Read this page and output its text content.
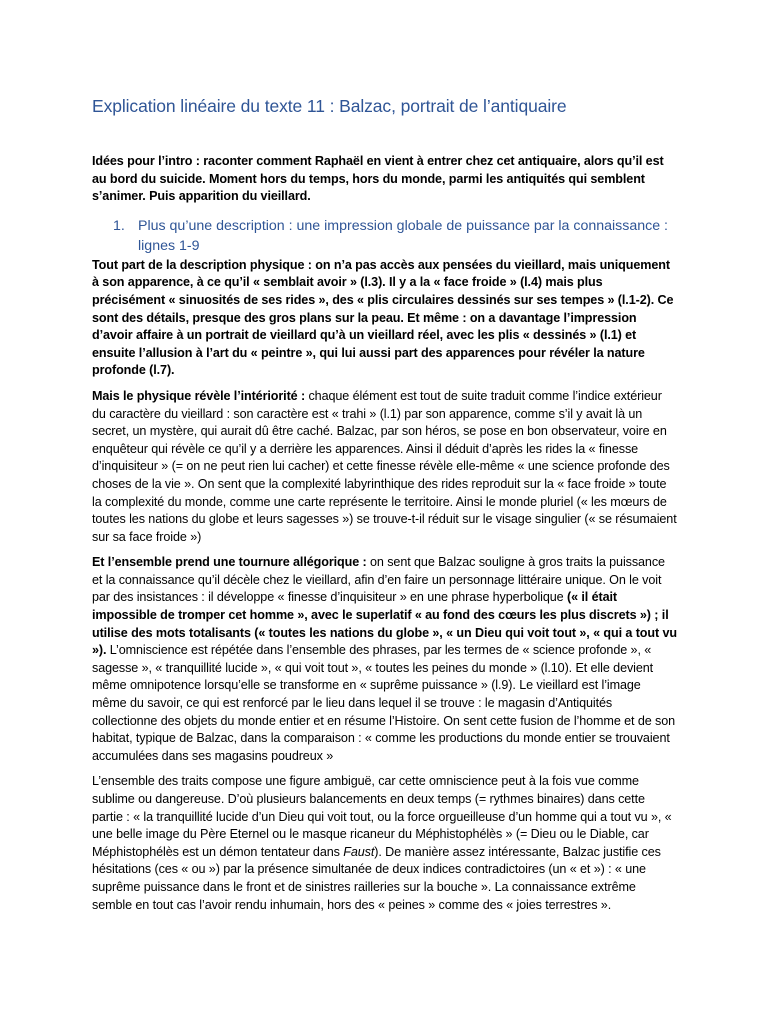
Explication linéaire du texte 11 : Balzac, portrait de l’antiquaire

Idées pour l’intro : raconter comment Raphaël en vient à entrer chez cet antiquaire, alors qu’il est au bord du suicide. Moment hors du temps, hors du monde, parmi les antiquités qui semblent s’animer. Puis apparition du vieillard.

1. Plus qu’une description : une impression globale de puissance par la connaissance : lignes 1-9

Tout part de la description physique : on n’a pas accès aux pensées du vieillard, mais uniquement à son apparence, à ce qu’il « semblait avoir » (l.3). Il y a la « face froide » (l.4) mais plus précisément « sinuosités de ses rides », des « plis circulaires dessinés sur ses tempes » (l.1-2). Ce sont des détails, presque des gros plans sur la peau. Et même : on a davantage l’impression d’avoir affaire à un portrait de vieillard qu’à un vieillard réel, avec les plis « dessinés » (l.1) et ensuite l’allusion à l’art du « peintre », qui lui aussi part des apparences pour révéler la nature profonde (l.7).

Mais le physique révèle l’intériorité : chaque élément est tout de suite traduit comme l’indice extérieur du caractère du vieillard : son caractère est « trahi » (l.1) par son apparence, comme s’il y avait là un secret, un mystère, qui aurait dû être caché. Balzac, par son héros, se pose en bon observateur, voire en enquêteur qui révèle ce qu’il y a derrière les apparences. Ainsi il déduit d’après les rides la « finesse d’inquisiteur » (= on ne peut rien lui cacher) et cette finesse révèle elle-même « une science profonde des choses de la vie ». On sent que la complexité labyrinthique des rides reproduit sur la « face froide » toute la complexité du monde, comme une carte représente le territoire. Ainsi le monde pluriel (« les mœurs de toutes les nations du globe et leurs sagesses ») se trouve-t-il réduit sur le visage singulier (« se résumaient sur sa face froide »)

Et l’ensemble prend une tournure allégorique : on sent que Balzac souligne à gros traits la puissance et la connaissance qu’il décèle chez le vieillard, afin d’en faire un personnage littéraire unique. On le voit par des insistances : il développe « finesse d’inquisiteur » en une phrase hyperbolique (« il était impossible de tromper cet homme », avec le superlatif « au fond des cœurs les plus discrets ») ; il utilise des mots totalisants (« toutes les nations du globe », « un Dieu qui voit tout », « qui a tout vu »). L’omniscience est répétée dans l’ensemble des phrases, par les termes de « science profonde », « sagesse », « tranquillité lucide », « qui voit tout », « toutes les peines du monde » (l.10). Et elle devient même omnipotence lorsqu’elle se transforme en « suprême puissance » (l.9). Le vieillard est l’image même du savoir, ce qui est renforcé par le lieu dans lequel il se trouve : le magasin d’Antiquités collectionne des objets du monde entier et en résume l’Histoire. On sent cette fusion de l’homme et de son habitat, typique de Balzac, dans la comparaison : « comme les productions du monde entier se trouvaient accumulées dans ses magasins poudreux »

L’ensemble des traits compose une figure ambiguë, car cette omniscience peut à la fois vue comme sublime ou dangereuse. D’où plusieurs balancements en deux temps (= rythmes binaires) dans cette partie : « la tranquillité lucide d’un Dieu qui voit tout, ou la force orgueilleuse d’un homme qui a tout vu », « une belle image du Père Eternel ou le masque ricaneur du Méphistophélès » (= Dieu ou le Diable, car Méphistophélès est un démon tentateur dans Faust). De manière assez intéressante, Balzac justifie ces hésitations (ces « ou ») par la présence simultanée de deux indices contradictoires (un « et ») : « une suprême puissance dans le front et de sinistres railleries sur la bouche ». La connaissance extrême semble en tout cas l’avoir rendu inhumain, hors des « peines » comme des « joies terrestres ».
